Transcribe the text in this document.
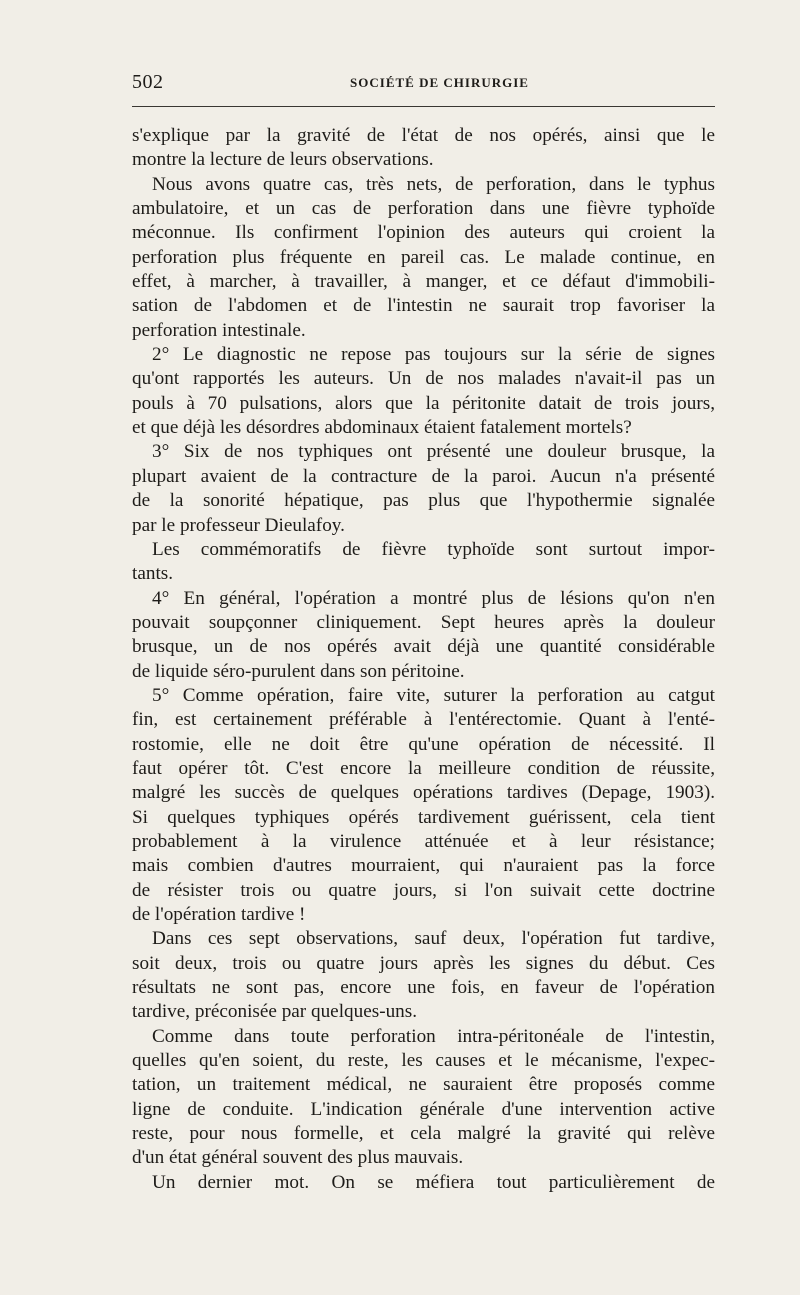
502	SOCIÉTÉ DE CHIRURGIE

s'explique par la gravité de l'état de nos opérés, ainsi que le
montre la lecture de leurs observations.

Nous avons quatre cas, très nets, de perforation, dans le typhus
ambulatoire, et un cas de perforation dans une fièvre typhoïde
méconnue. Ils confirment l'opinion des auteurs qui croient la
perforation plus fréquente en pareil cas. Le malade continue, en
effet, à marcher, à travailler, à manger, et ce défaut d'immobili-
sation de l'abdomen et de l'intestin ne saurait trop favoriser la
perforation intestinale.

2° Le diagnostic ne repose pas toujours sur la série de signes
qu'ont rapportés les auteurs. Un de nos malades n'avait-il pas un
pouls à 70 pulsations, alors que la péritonite datait de trois jours,
et que déjà les désordres abdominaux étaient fatalement mortels?

3° Six de nos typhiques ont présenté une douleur brusque, la
plupart avaient de la contracture de la paroi. Aucun n'a présenté
de la sonorité hépatique, pas plus que l'hypothermie signalée
par le professeur Dieulafoy.

Les commémoratifs de fièvre typhoïde sont surtout impor-
tants.

4° En général, l'opération a montré plus de lésions qu'on n'en
pouvait soupçonner cliniquement. Sept heures après la douleur
brusque, un de nos opérés avait déjà une quantité considérable
de liquide séro-purulent dans son péritoine.

5° Comme opération, faire vite, suturer la perforation au catgut
fin, est certainement préférable à l'entérectomie. Quant à l'enté-
rostomie, elle ne doit être qu'une opération de nécessité. Il
faut opérer tôt. C'est encore la meilleure condition de réussite,
malgré les succès de quelques opérations tardives (Depage, 1903).
Si quelques typhiques opérés tardivement guérissent, cela tient
probablement à la virulence atténuée et à leur résistance;
mais combien d'autres mourraient, qui n'auraient pas la force
de résister trois ou quatre jours, si l'on suivait cette doctrine
de l'opération tardive !

Dans ces sept observations, sauf deux, l'opération fut tardive,
soit deux, trois ou quatre jours après les signes du début. Ces
résultats ne sont pas, encore une fois, en faveur de l'opération
tardive, préconisée par quelques-uns.

Comme dans toute perforation intra-péritonéale de l'intestin,
quelles qu'en soient, du reste, les causes et le mécanisme, l'expec-
tation, un traitement médical, ne sauraient être proposés comme
ligne de conduite. L'indication générale d'une intervention active
reste, pour nous formelle, et cela malgré la gravité qui relève
d'un état général souvent des plus mauvais.

Un dernier mot. On se méfiera tout particulièrement de
